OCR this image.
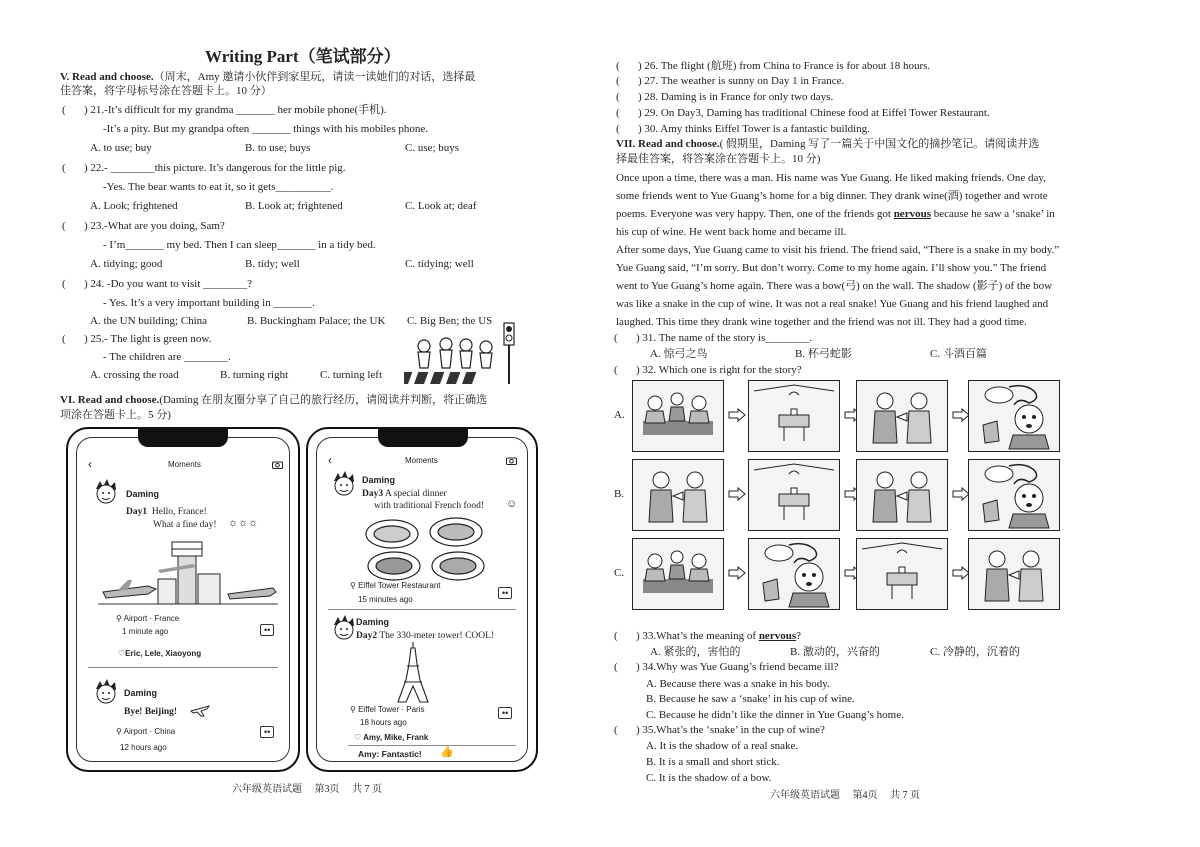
Writing Part（笔试部分）
V. Read and choose.（周末，Amy 邀请小伙伴到家里玩，请读一读她们的对话，选择最
佳答案，将字母标号涂在答题卡上。10 分）
( ) 21.-It’s difficult for my grandma _______ her mobile phone(手机).
-It’s a pity. But my grandpa often _______ things with his mobiles phone.
A. to use; buy	B. to use; buys	C. use; buys
( ) 22.- ________this picture. It’s dangerous for the little pig.
-Yes. The bear wants to eat it, so it gets__________.
A. Look; frightened	B. Look at; frightened	C. Look at; deaf
( ) 23.-What are you doing, Sam?
- I’m_______ my bed. Then I can sleep_______ in a tidy bed.
A. tidying; good	B. tidy; well	C. tidying; well
( ) 24. -Do you want to visit ________?
- Yes. It’s a very important building in _______.
A. the UN building; China	B. Buckingham Palace; the UK C. Big Ben; the US
( ) 25.- The light is green now.
- The children are ________.
A. crossing the road	B. turning right	C. turning left
VI. Read and choose.(Daming 在朋友圈分享了自己的旅行经历，请阅读并判断，将正确选
项涂在答题卡上。5 分)
‹	Moments
Daming
Day1 Hello, France!
What a fine day! ☼☼☼
⚲ Airport · France
1 minute ago	••
♡Eric, Lele, Xiaoyong
Daming
Bye! Beijing!
⚲ Airport · China
12 hours ago
••
‹	Moments
Daming
Day3 A special dinner
with traditional French food! ☺
⚲ Eiffel Tower Restaurant
15 minutes ago
••
Daming
Day2 The 330-meter tower! COOL!
⚲ Eiffel Tower · Paris
18 hours ago
••
♡ Amy, Mike, Frank
Amy: Fantastic! 👍
六年级英语试题　 第3页　 共 7 页
( ) 26. The flight (航班) from China to France is for about 18 hours.
( ) 27. The weather is sunny on Day 1 in France.
( ) 28. Daming is in France for only two days.
( ) 29. On Day3, Daming has traditional Chinese food at Eiffel Tower Restaurant.
( ) 30. Amy thinks Eiffel Tower is a fantastic building.
VII. Read and choose.( 假期里，Daming 写了一篇关于中国文化的摘抄笔记。请阅读并选
择最佳答案，将答案涂在答题卡上。10 分)
Once upon a time, there was a man. His name was Yue Guang. He liked making friends. One day,
some friends went to Yue Guang’s home for a big dinner. They drank wine(酒) together and wrote
poems. Everyone was very happy. Then, one of the friends got nervous because he saw a ‘snake’ in
his cup of wine. He went back home and became ill.
After some days, Yue Guang came to visit his friend. The friend said, “There is a snake in my body.”
Yue Guang said, “I’m sorry. But don’t worry. Come to my home again. I’ll show you.” The friend
went to Yue Guang’s home again. There was a bow(弓) on the wall. The shadow (影子) of the bow
was like a snake in the cup of wine. It was not a real snake! Yue Guang and his friend laughed and
laughed. This time they drank wine together and the friend was not ill. They had a good time.
( ) 31. The name of the story is________.
A. 惊弓之鸟	B. 杯弓蛇影	C. 斗酒百篇
( ) 32. Which one is right for the story?
A.
B.
C.
( ) 33.What’s the meaning of nervous?
A. 紧张的，害怕的	B. 激动的，兴奋的	C. 冷静的，沉着的
( ) 34.Why was Yue Guang’s friend became ill?
A. Because there was a snake in his body.
B. Because he saw a ‘snake’ in his cup of wine.
C. Because he didn’t like the dinner in Yue Guang’s home.
( ) 35.What’s the ‘snake’ in the cup of wine?
A. It is the shadow of a real snake.
B. It is a small and short stick.
C. It is the shadow of a bow.
六年级英语试题　 第4页　 共 7 页
